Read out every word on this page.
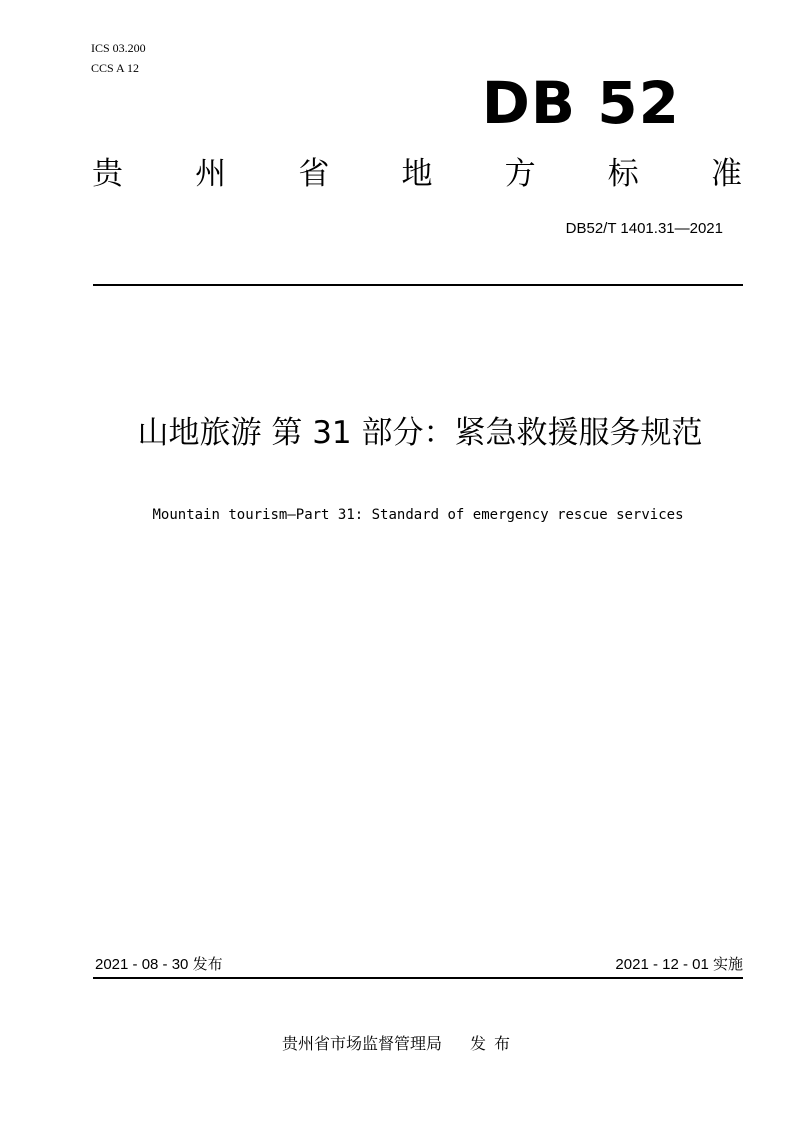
ICS 03.200
CCS A 12
DB 52
贵 州 省 地 方 标 准
DB52/T 1401.31—2021
山地旅游 第 31 部分：紧急救援服务规范
Mountain tourism—Part 31: Standard of emergency rescue services
2021 - 08 - 30 发布	2021 - 12 - 01 实施
贵州省市场监督管理局 发布
